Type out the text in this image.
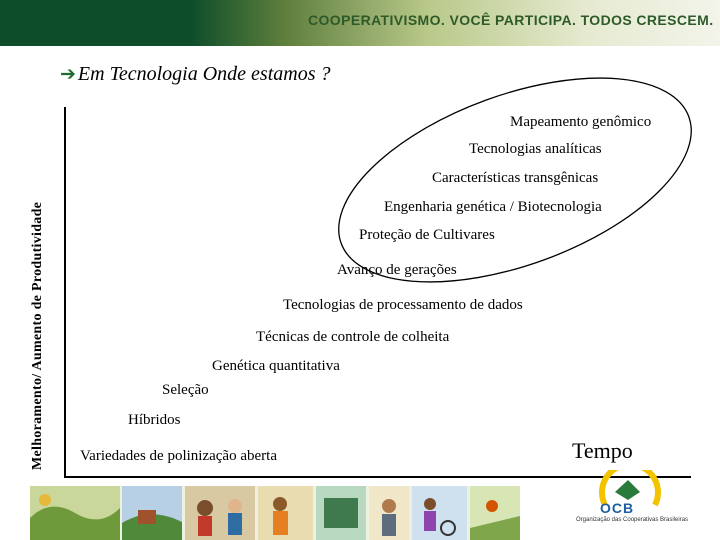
COOPERATIVISMO. VOCÊ PARTICIPA. TODOS CRESCEM.
➔ Em Tecnologia Onde estamos ?
Melhoramento/ Aumento de Produtividade Variedades de polinização aberta
Híbridos
Seleção
Genética quantitativa
Técnicas de controle de colheita
Tecnologias de processamento de dados
Avanço de gerações
Proteção de Cultivares
Engenharia genética / Biotecnologia
Características transgênicas
Tecnologias analíticas
Mapeamento genômico
Tempo
OCB
Organização das Cooperativas Brasileiras
